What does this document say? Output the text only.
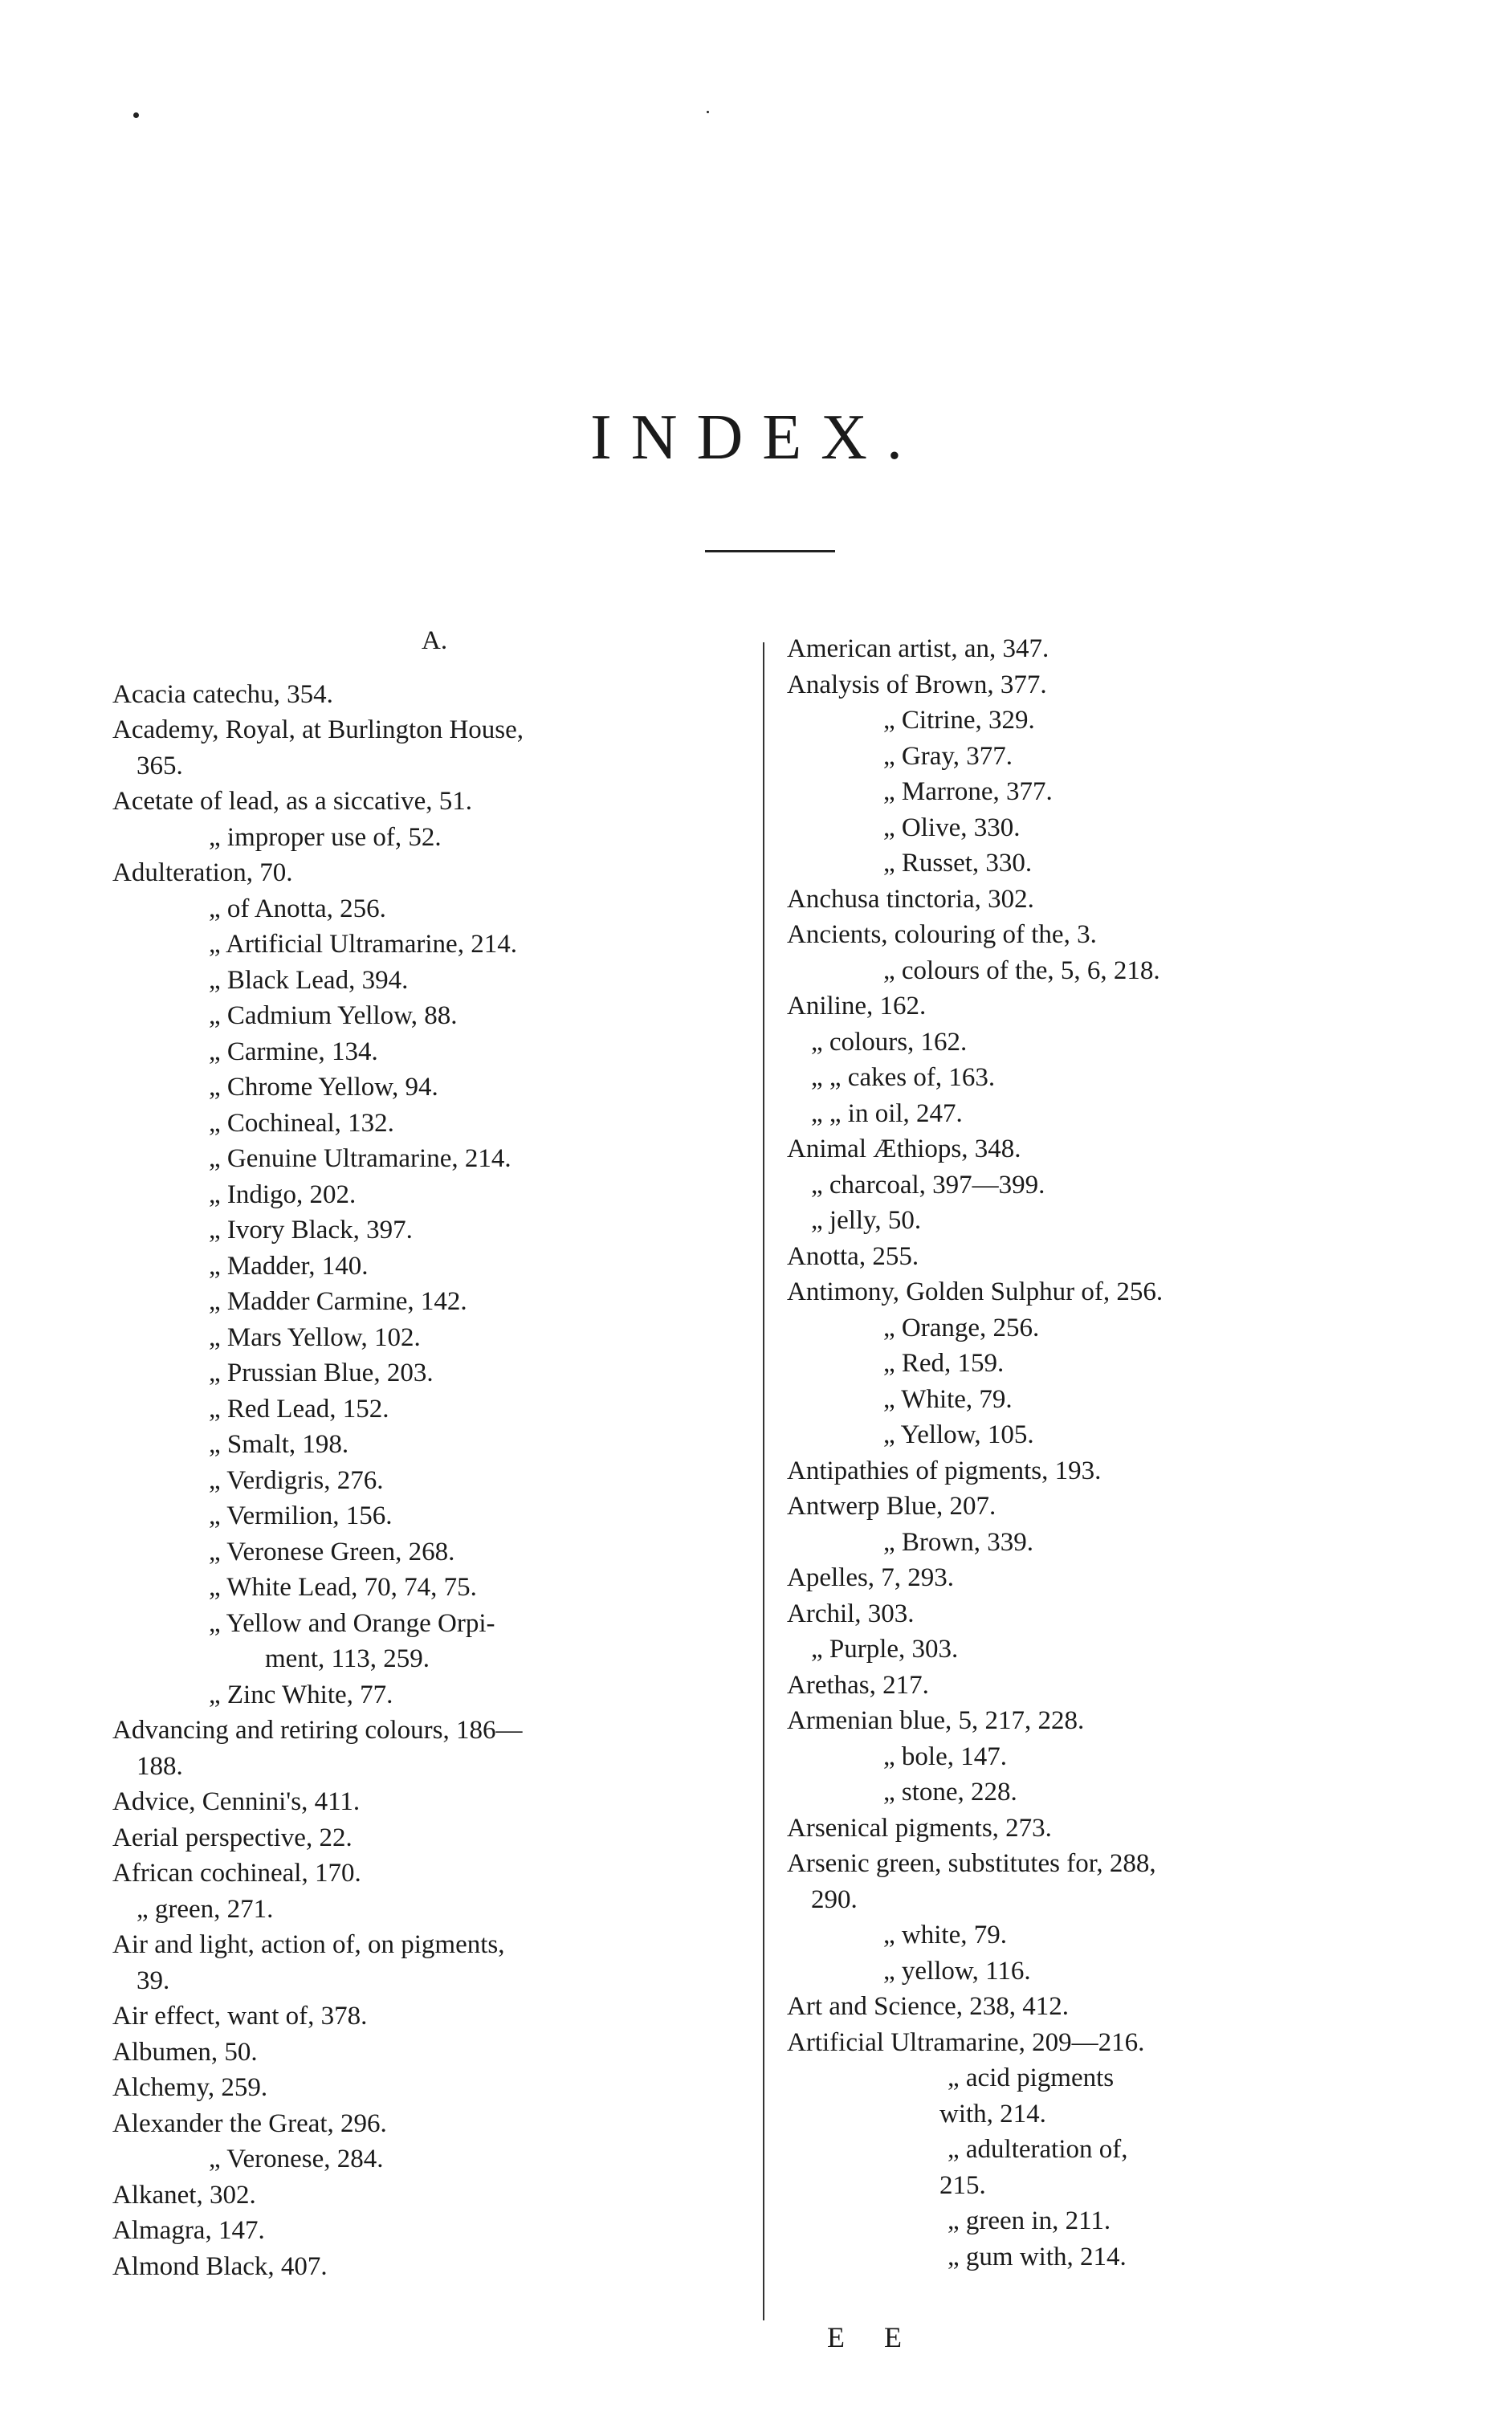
INDEX.
A.
Acacia catechu, 354.
Academy, Royal, at Burlington House,
365.
Acetate of lead, as a siccative, 51.
„ improper use of, 52.
Adulteration, 70.
„ of Anotta, 256.
„ Artificial Ultramarine, 214.
„ Black Lead, 394.
„ Cadmium Yellow, 88.
„ Carmine, 134.
„ Chrome Yellow, 94.
„ Cochineal, 132.
„ Genuine Ultramarine, 214.
„ Indigo, 202.
„ Ivory Black, 397.
„ Madder, 140.
„ Madder Carmine, 142.
„ Mars Yellow, 102.
„ Prussian Blue, 203.
„ Red Lead, 152.
„ Smalt, 198.
„ Verdigris, 276.
„ Vermilion, 156.
„ Veronese Green, 268.
„ White Lead, 70, 74, 75.
„ Yellow and Orange Orpi-
ment, 113, 259.
„ Zinc White, 77.
Advancing and retiring colours, 186—
188.
Advice, Cennini's, 411.
Aerial perspective, 22.
African cochineal, 170.
„ green, 271.
Air and light, action of, on pigments,
39.
Air effect, want of, 378.
Albumen, 50.
Alchemy, 259.
Alexander the Great, 296.
„ Veronese, 284.
Alkanet, 302.
Almagra, 147.
Almond Black, 407.
American artist, an, 347.
Analysis of Brown, 377.
„ Citrine, 329.
„ Gray, 377.
„ Marrone, 377.
„ Olive, 330.
„ Russet, 330.
Anchusa tinctoria, 302.
Ancients, colouring of the, 3.
„ colours of the, 5, 6, 218.
Aniline, 162.
„ colours, 162.
„ „ cakes of, 163.
„ „ in oil, 247.
Animal Æthiops, 348.
„ charcoal, 397—399.
„ jelly, 50.
Anotta, 255.
Antimony, Golden Sulphur of, 256.
„ Orange, 256.
„ Red, 159.
„ White, 79.
„ Yellow, 105.
Antipathies of pigments, 193.
Antwerp Blue, 207.
„ Brown, 339.
Apelles, 7, 293.
Archil, 303.
„ Purple, 303.
Arethas, 217.
Armenian blue, 5, 217, 228.
„ bole, 147.
„ stone, 228.
Arsenical pigments, 273.
Arsenic green, substitutes for, 288,
290.
„ white, 79.
„ yellow, 116.
Art and Science, 238, 412.
Artificial Ultramarine, 209—216.
„ acid pigments
with, 214.
„ adulteration of,
215.
„ green in, 211.
„ gum with, 214.
E E
